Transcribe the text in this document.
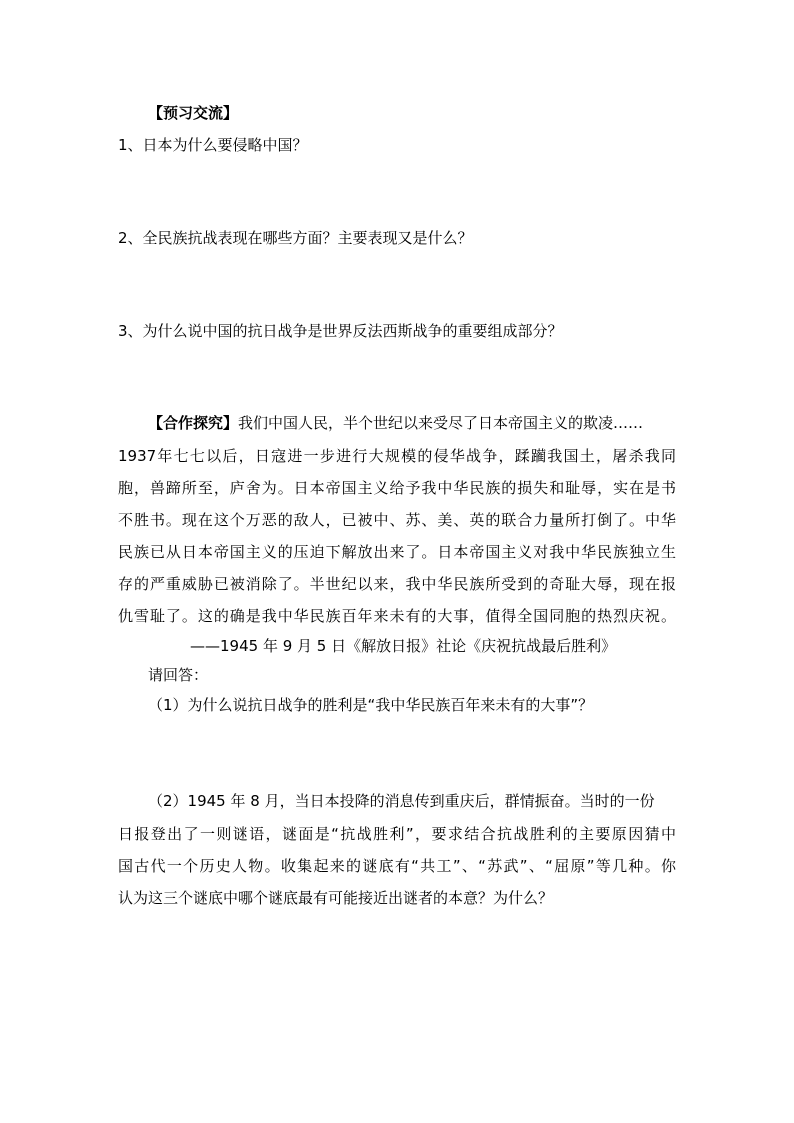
【预习交流】
1、日本为什么要侵略中国？
2、全民族抗战表现在哪些方面？主要表现又是什么？
3、为什么说中国的抗日战争是世界反法西斯战争的重要组成部分？
【合作探究】我们中国人民，半个世纪以来受尽了日本帝国主义的欺凌……
1937年七七以后，日寇进一步进行大规模的侵华战争，蹂躏我国土，屠杀我同
胞，兽蹄所至，庐舍为。日本帝国主义给予我中华民族的损失和耻辱，实在是书
不胜书。现在这个万恶的敌人，已被中、苏、美、英的联合力量所打倒了。中华
民族已从日本帝国主义的压迫下解放出来了。日本帝国主义对我中华民族独立生
存的严重威胁已被消除了。半世纪以来，我中华民族所受到的奇耻大辱，现在报
仇雪耻了。这的确是我中华民族百年来未有的大事，值得全国同胞的热烈庆祝。
——1945 年 9 月 5 日《解放日报》社论《庆祝抗战最后胜利》
请回答：
（1）为什么说抗日战争的胜利是“我中华民族百年来未有的大事”？
（2）1945 年 8 月，当日本投降的消息传到重庆后，群情振奋。当时的一份
日报登出了一则谜语，谜面是“抗战胜利”，要求结合抗战胜利的主要原因猜中
国古代一个历史人物。收集起来的谜底有“共工”、“苏武”、“屈原”等几种。你
认为这三个谜底中哪个谜底最有可能接近出谜者的本意？为什么？
